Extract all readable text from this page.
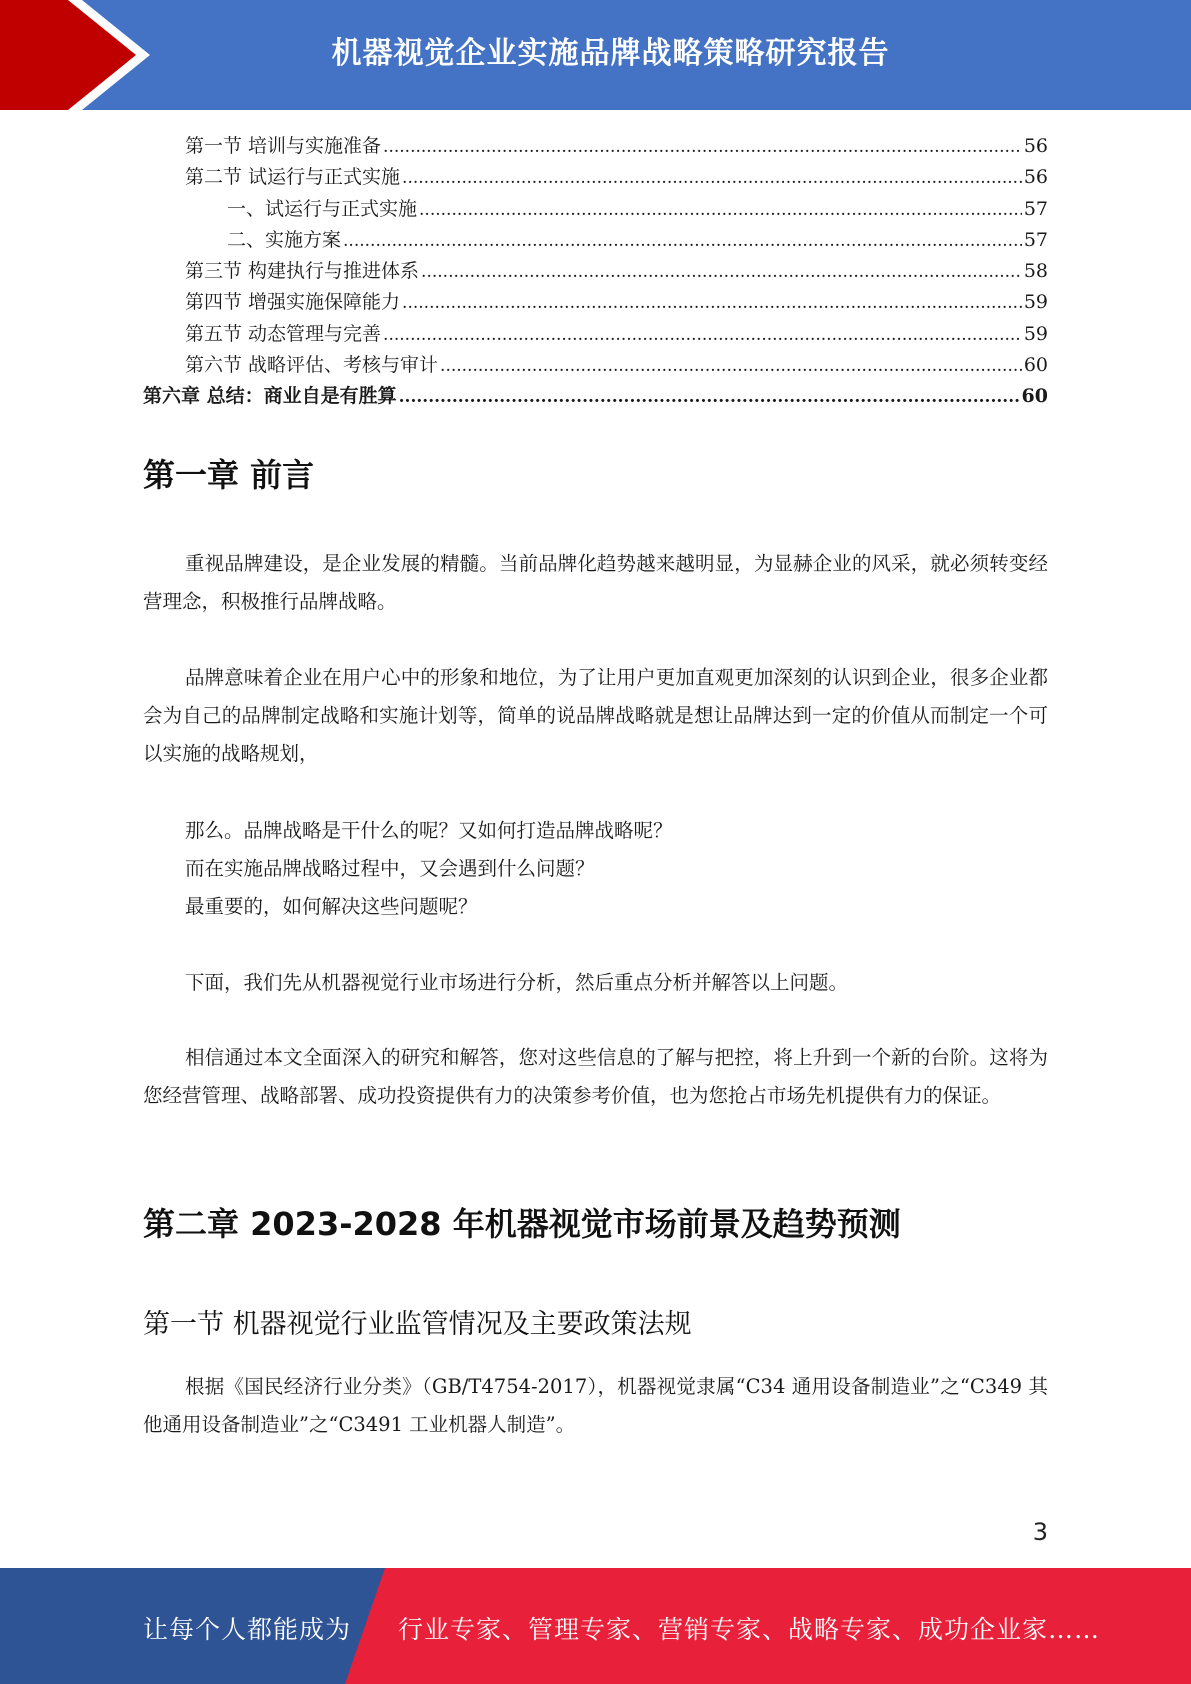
机器视觉企业实施品牌战略策略研究报告
第一节 培训与实施准备 .....	56
第二节 试运行与正式实施 .....	56
一、试运行与正式实施 .....	57
二、实施方案 .....	57
第三节 构建执行与推进体系 .....	58
第四节 增强实施保障能力 .....	59
第五节 动态管理与完善 .....	59
第六节 战略评估、考核与审计 .....	60
第六章 总结：商业自是有胜算 .....	60
第一章 前言

重视品牌建设，是企业发展的精髓。当前品牌化趋势越来越明显，为显赫企业的风采，就必须转变经营理念，积极推行品牌战略。

品牌意味着企业在用户心中的形象和地位，为了让用户更加直观更加深刻的认识到企业，很多企业都会为自己的品牌制定战略和实施计划等，简单的说品牌战略就是想让品牌达到一定的价值从而制定一个可以实施的战略规划，

那么。品牌战略是干什么的呢？又如何打造品牌战略呢？

而在实施品牌战略过程中，又会遇到什么问题？

最重要的，如何解决这些问题呢？

下面，我们先从机器视觉行业市场进行分析，然后重点分析并解答以上问题。

相信通过本文全面深入的研究和解答，您对这些信息的了解与把控，将上升到一个新的台阶。这将为您经营管理、战略部署、成功投资提供有力的决策参考价值，也为您抢占市场先机提供有力的保证。

第二章 2023-2028 年机器视觉市场前景及趋势预测
第一节 机器视觉行业监管情况及主要政策法规

根据《国民经济行业分类》（GB/T4754-2017），机器视觉隶属“C34 通用设备制造业”之“C349 其他通用设备制造业”之“C3491 工业机器人制造”。

3
让每个人都能成为 行业专家、管理专家、营销专家、战略专家、成功企业家……
